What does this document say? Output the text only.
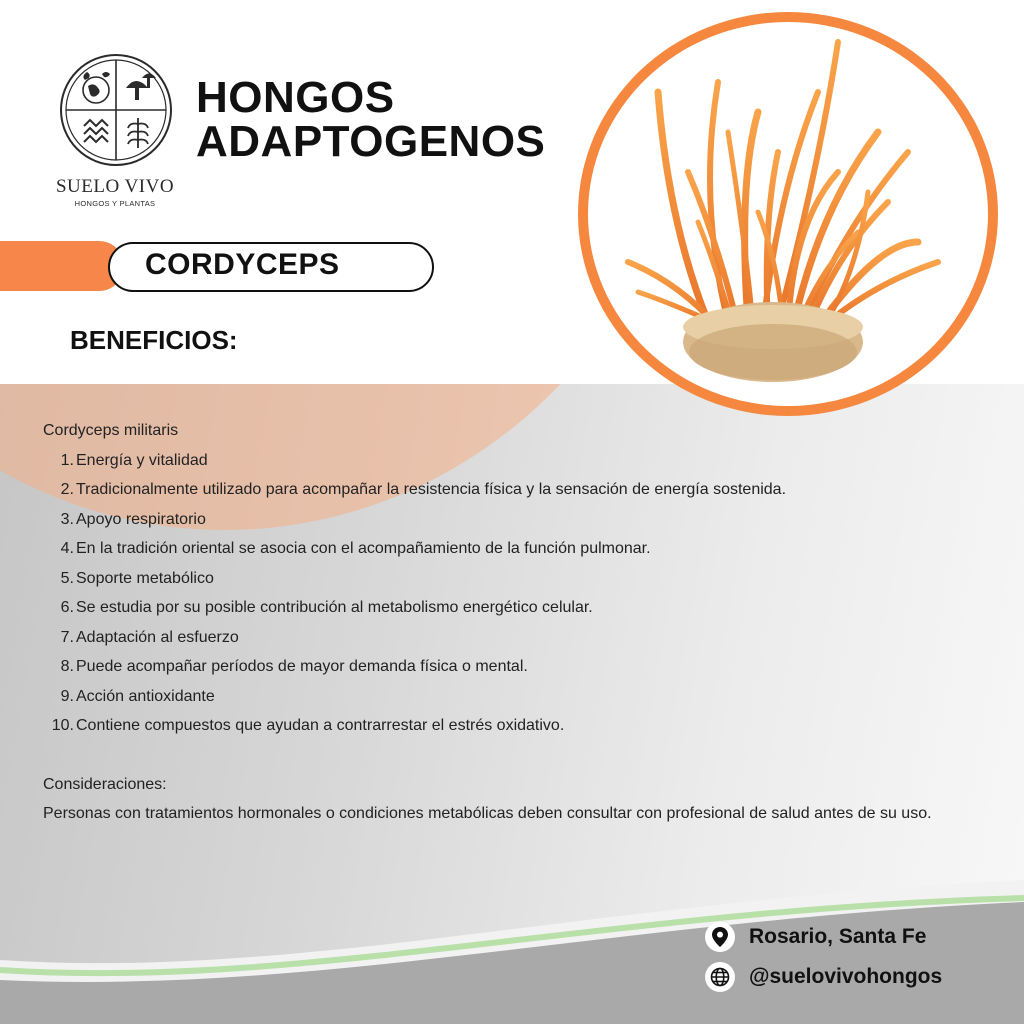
SUELO VIVO
HONGOS Y PLANTAS
HONGOS
ADAPTOGENOS
CORDYCEPS
BENEFICIOS:
Cordyceps militaris
1. Energía y vitalidad
2. Tradicionalmente utilizado para acompañar la resistencia física y la sensación de energía sostenida.
3. Apoyo respiratorio
4. En la tradición oriental se asocia con el acompañamiento de la función pulmonar.
5. Soporte metabólico
6. Se estudia por su posible contribución al metabolismo energético celular.
7. Adaptación al esfuerzo
8. Puede acompañar períodos de mayor demanda física o mental.
9. Acción antioxidante
10. Contiene compuestos que ayudan a contrarrestar el estrés oxidativo.
Consideraciones:
Personas con tratamientos hormonales o condiciones metabólicas deben consultar con profesional de salud antes de su uso.
Rosario, Santa Fe
@suelovivohongos
